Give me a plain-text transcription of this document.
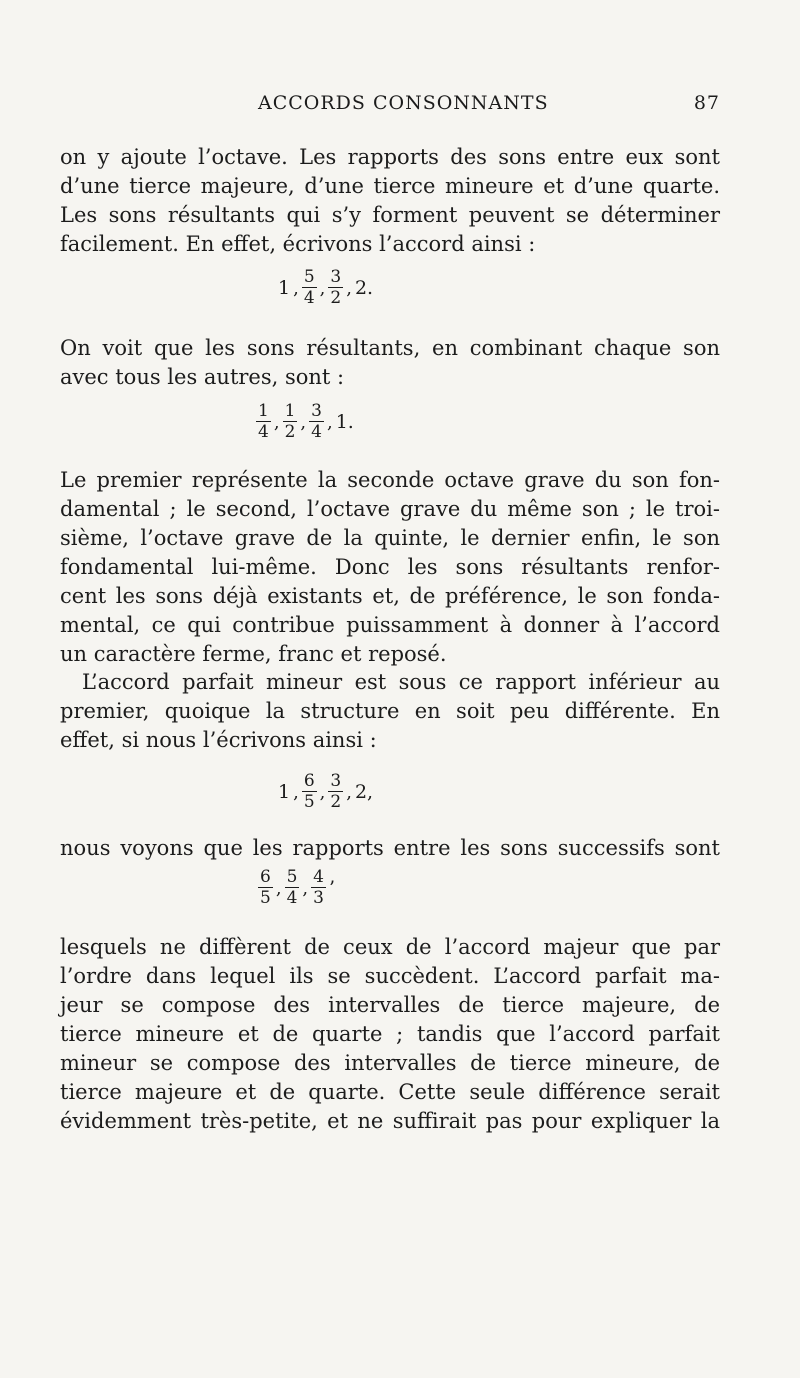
ACCORDS CONSONNANTS	87

on y ajoute l’octave. Les rapports des sons entre eux sont
d’une tierce majeure, d’une tierce mineure et d’une quarte.
Les sons résultants qui s’y forment peuvent se déterminer
facilement. En effet, écrivons l’accord ainsi :

1 , $\frac{5}{4}$ , $\frac{3}{2}$ , 2.

On voit que les sons résultants, en combinant chaque son
avec tous les autres, sont :

$\frac{1}{4}$ , $\frac{1}{2}$ , $\frac{3}{4}$ , 1.

Le premier représente la seconde octave grave du son fon-
damental ; le second, l’octave grave du même son ; le troi-
sième, l’octave grave de la quinte, le dernier enfin, le son
fondamental lui-même. Donc les sons résultants renfor-
cent les sons déjà existants et, de préférence, le son fonda-
mental, ce qui contribue puissamment à donner à l’accord
un caractère ferme, franc et reposé.

L’accord parfait mineur est sous ce rapport inférieur au
premier, quoique la structure en soit peu différente. En
effet, si nous l’écrivons ainsi :

1 , $\frac{6}{5}$ , $\frac{3}{2}$ , 2,

nous voyons que les rapports entre les sons successifs sont

$\frac{6}{5}$ , $\frac{5}{4}$ , $\frac{4}{3}$ ’

lesquels ne diffèrent de ceux de l’accord majeur que par
l’ordre dans lequel ils se succèdent. L’accord parfait ma-
jeur se compose des intervalles de tierce majeure, de
tierce mineure et de quarte ; tandis que l’accord parfait
mineur se compose des intervalles de tierce mineure, de
tierce majeure et de quarte. Cette seule différence serait
évidemment très-petite, et ne suffirait pas pour expliquer la
